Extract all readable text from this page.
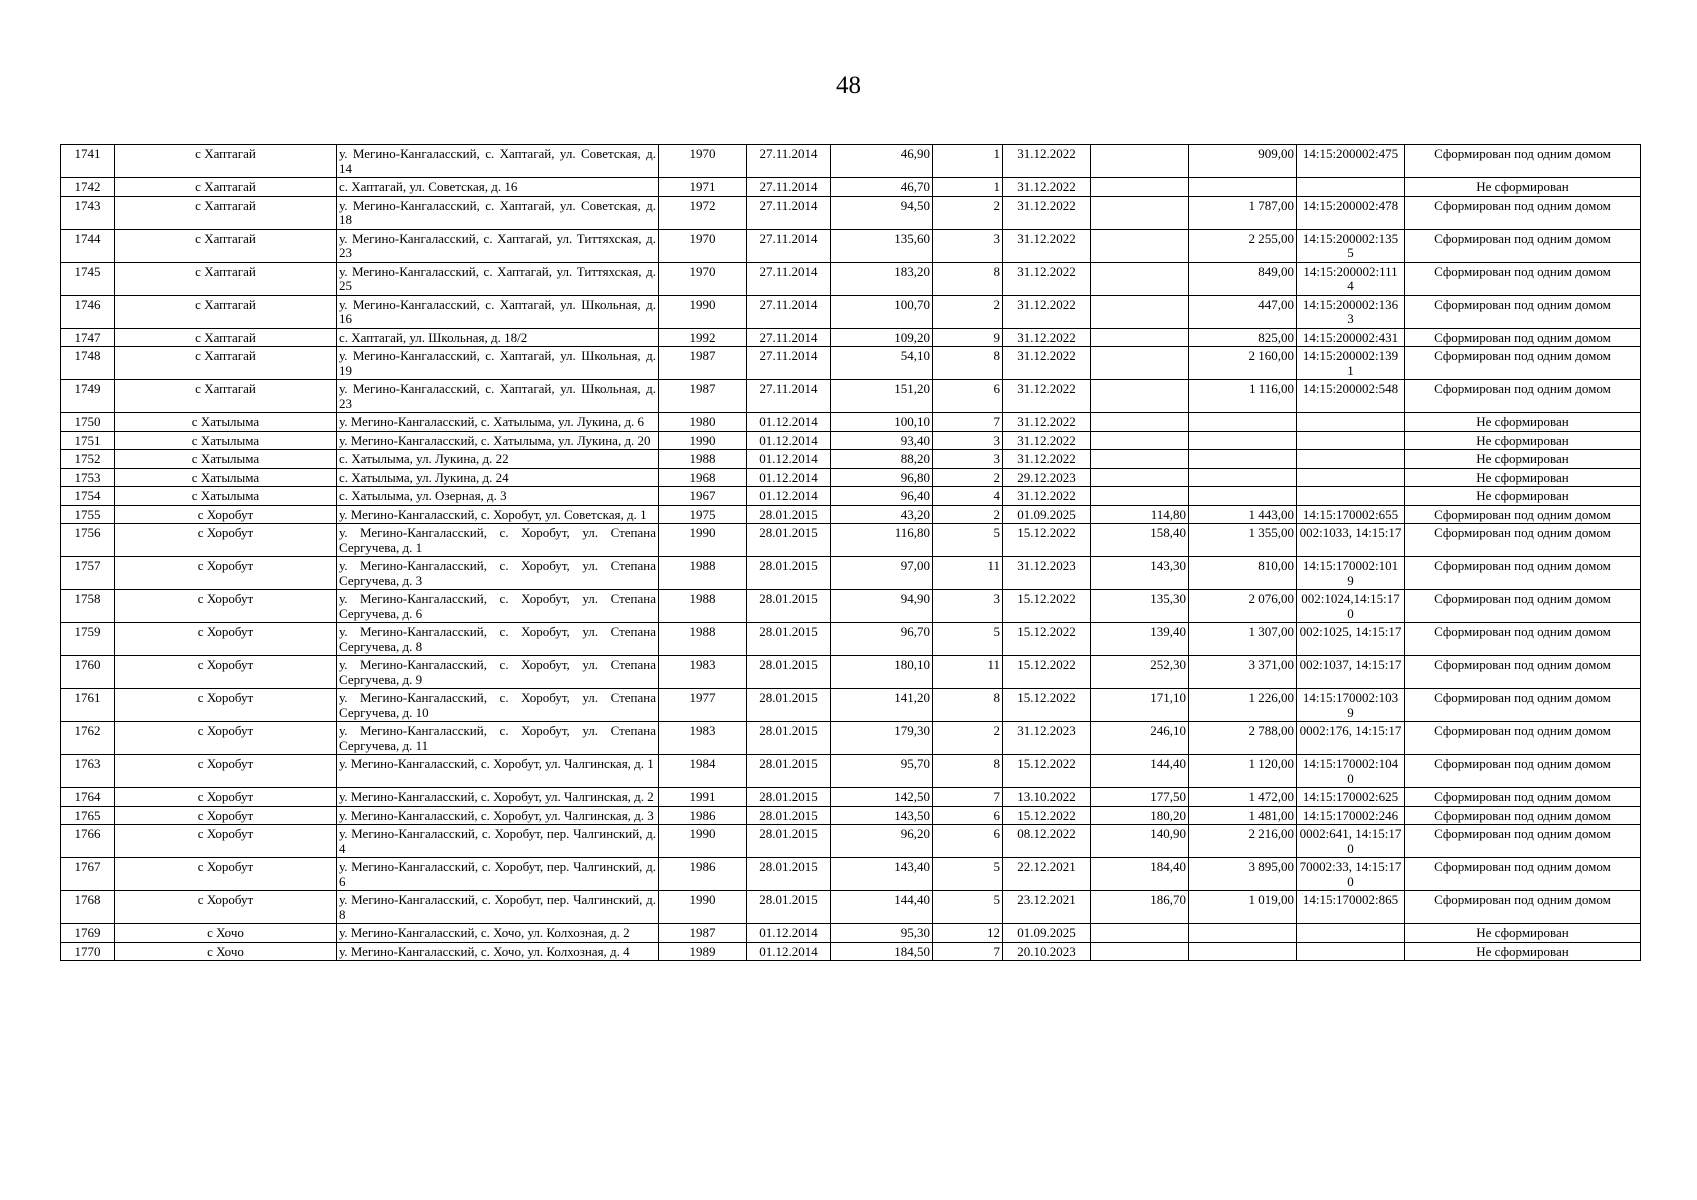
48
1741	с Хаптагай	у. Мегино-Кангаласский, с. Хаптагай, ул. Советская, д. 14	1970	27.11.2014	46,90	1	31.12.2022		909,00	14:15:200002:475	Сформирован под одним домом
1742	с Хаптагай	с. Хаптагай, ул. Советская, д. 16	1971	27.11.2014	46,70	1	31.12.2022				Не сформирован
1743	с Хаптагай	у. Мегино-Кангаласский, с. Хаптагай, ул. Советская, д. 18	1972	27.11.2014	94,50	2	31.12.2022		1 787,00	14:15:200002:478	Сформирован под одним домом
1744	с Хаптагай	у. Мегино-Кангаласский, с. Хаптагай, ул. Титтяхская, д. 23	1970	27.11.2014	135,60	3	31.12.2022		2 255,00	14:15:200002:135 5	Сформирован под одним домом
1745	с Хаптагай	у. Мегино-Кангаласский, с. Хаптагай, ул. Титтяхская, д. 25	1970	27.11.2014	183,20	8	31.12.2022		849,00	14:15:200002:111 4	Сформирован под одним домом
1746	с Хаптагай	у. Мегино-Кангаласский, с. Хаптагай, ул. Школьная, д. 16	1990	27.11.2014	100,70	2	31.12.2022		447,00	14:15:200002:136 3	Сформирован под одним домом
1747	с Хаптагай	с. Хаптагай, ул. Школьная, д. 18/2	1992	27.11.2014	109,20	9	31.12.2022		825,00	14:15:200002:431	Сформирован под одним домом
1748	с Хаптагай	у. Мегино-Кангаласский, с. Хаптагай, ул. Школьная, д. 19	1987	27.11.2014	54,10	8	31.12.2022		2 160,00	14:15:200002:139 1	Сформирован под одним домом
1749	с Хаптагай	у. Мегино-Кангаласский, с. Хаптагай, ул. Школьная, д. 23	1987	27.11.2014	151,20	6	31.12.2022		1 116,00	14:15:200002:548	Сформирован под одним домом
1750	с Хатылыма	у. Мегино-Кангаласский, с. Хатылыма, ул. Лукина, д. 6	1980	01.12.2014	100,10	7	31.12.2022				Не сформирован
1751	с Хатылыма	у. Мегино-Кангаласский, с. Хатылыма, ул. Лукина, д. 20	1990	01.12.2014	93,40	3	31.12.2022				Не сформирован
1752	с Хатылыма	с. Хатылыма, ул. Лукина, д. 22	1988	01.12.2014	88,20	3	31.12.2022				Не сформирован
1753	с Хатылыма	с. Хатылыма, ул. Лукина, д. 24	1968	01.12.2014	96,80	2	29.12.2023				Не сформирован
1754	с Хатылыма	с. Хатылыма, ул. Озерная, д. 3	1967	01.12.2014	96,40	4	31.12.2022				Не сформирован
1755	с Хоробут	у. Мегино-Кангаласский, с. Хоробут, ул. Советская, д. 1	1975	28.01.2015	43,20	2	01.09.2025	114,80	1 443,00	14:15:170002:655	Сформирован под одним домом
1756	с Хоробут	у. Мегино-Кангаласский, с. Хоробут, ул. Степана Сергучева, д. 1	1990	28.01.2015	116,80	5	15.12.2022	158,40	1 355,00	002:1033, 14:15:17	Сформирован под одним домом
1757	с Хоробут	у. Мегино-Кангаласский, с. Хоробут, ул. Степана Сергучева, д. 3	1988	28.01.2015	97,00	11	31.12.2023	143,30	810,00	14:15:170002:101 9	Сформирован под одним домом
1758	с Хоробут	у. Мегино-Кангаласский, с. Хоробут, ул. Степана Сергучева, д. 6	1988	28.01.2015	94,90	3	15.12.2022	135,30	2 076,00	002:1024,14:15:17 0	Сформирован под одним домом
1759	с Хоробут	у. Мегино-Кангаласский, с. Хоробут, ул. Степана Сергучева, д. 8	1988	28.01.2015	96,70	5	15.12.2022	139,40	1 307,00	002:1025, 14:15:17	Сформирован под одним домом
1760	с Хоробут	у. Мегино-Кангаласский, с. Хоробут, ул. Степана Сергучева, д. 9	1983	28.01.2015	180,10	11	15.12.2022	252,30	3 371,00	002:1037, 14:15:17	Сформирован под одним домом
1761	с Хоробут	у. Мегино-Кангаласский, с. Хоробут, ул. Степана Сергучева, д. 10	1977	28.01.2015	141,20	8	15.12.2022	171,10	1 226,00	14:15:170002:103 9	Сформирован под одним домом
1762	с Хоробут	у. Мегино-Кангаласский, с. Хоробут, ул. Степана Сергучева, д. 11	1983	28.01.2015	179,30	2	31.12.2023	246,10	2 788,00	0002:176, 14:15:17	Сформирован под одним домом
1763	с Хоробут	у. Мегино-Кангаласский, с. Хоробут, ул. Чалгинская, д. 1	1984	28.01.2015	95,70	8	15.12.2022	144,40	1 120,00	14:15:170002:104 0	Сформирован под одним домом
1764	с Хоробут	у. Мегино-Кангаласский, с. Хоробут, ул. Чалгинская, д. 2	1991	28.01.2015	142,50	7	13.10.2022	177,50	1 472,00	14:15:170002:625	Сформирован под одним домом
1765	с Хоробут	у. Мегино-Кангаласский, с. Хоробут, ул. Чалгинская, д. 3	1986	28.01.2015	143,50	6	15.12.2022	180,20	1 481,00	14:15:170002:246	Сформирован под одним домом
1766	с Хоробут	у. Мегино-Кангаласский, с. Хоробут, пер. Чалгинский, д. 4	1990	28.01.2015	96,20	6	08.12.2022	140,90	2 216,00	0002:641, 14:15:170	Сформирован под одним домом
1767	с Хоробут	у. Мегино-Кангаласский, с. Хоробут, пер. Чалгинский, д. 6	1986	28.01.2015	143,40	5	22.12.2021	184,40	3 895,00	70002:33, 14:15:170	Сформирован под одним домом
1768	с Хоробут	у. Мегино-Кангаласский, с. Хоробут, пер. Чалгинский, д. 8	1990	28.01.2015	144,40	5	23.12.2021	186,70	1 019,00	14:15:170002:865	Сформирован под одним домом
1769	с Хочо	у. Мегино-Кангаласский, с. Хочо, ул. Колхозная, д. 2	1987	01.12.2014	95,30	12	01.09.2025				Не сформирован
1770	с Хочо	у. Мегино-Кангаласский, с. Хочо, ул. Колхозная, д. 4	1989	01.12.2014	184,50	7	20.10.2023				Не сформирован
